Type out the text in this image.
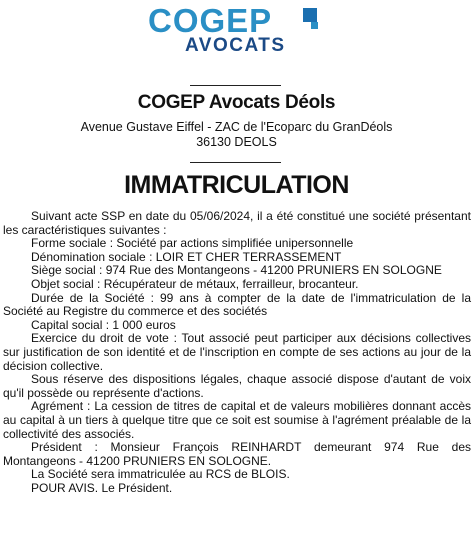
COGEP
AVOCATS
COGEP Avocats Déols
Avenue Gustave Eiffel - ZAC de l'Ecoparc du GranDéols
36130 DEOLS
IMMATRICULATION

Suivant acte SSP en date du 05/06/2024, il a été constitué une société présentant les caractéristiques suivantes :

Forme sociale : Société par actions simplifiée unipersonnelle

Dénomination sociale : LOIR ET CHER TERRASSEMENT

Siège social : 974 Rue des Montangeons - 41200 PRUNIERS EN SOLOGNE

Objet social : Récupérateur de métaux, ferrailleur, brocanteur.

Durée de la Société : 99 ans à compter de la date de l'immatriculation de la Société au Registre du commerce et des sociétés

Capital social : 1 000 euros

Exercice du droit de vote : Tout associé peut participer aux décisions collectives sur justification de son identité et de l'inscription en compte de ses actions au jour de la décision collective.

Sous réserve des dispositions légales, chaque associé dispose d'autant de voix qu'il possède ou représente d'actions.

Agrément : La cession de titres de capital et de valeurs mobilières donnant accès au capital à un tiers à quelque titre que ce soit est soumise à l'agrément préalable de la collectivité des associés.

Président : Monsieur François REINHARDT demeurant 974 Rue des Montangeons - 41200 PRUNIERS EN SOLOGNE.

La Société sera immatriculée au RCS de BLOIS.

POUR AVIS. Le Président.
